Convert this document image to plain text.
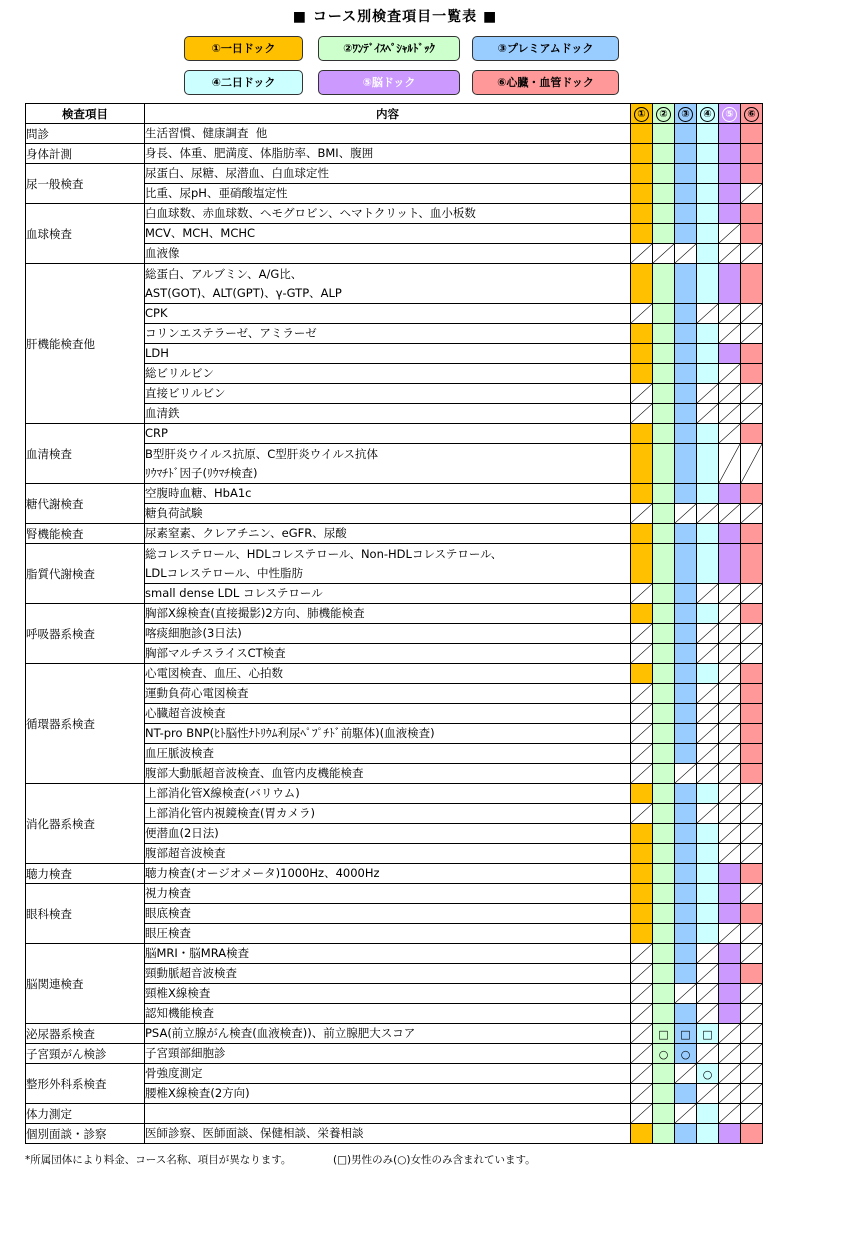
■ コース別検査項目一覧表 ■
①一日ドック	②ﾜﾝﾃﾞｲｽﾍﾟｼｬﾙﾄﾞｯｸ	③プレミアムドック
④二日ドック	⑤脳ドック	⑥心臓・血管ドック
検査項目	内容	①	②	③	④	⑤	⑥
問診	生活習慣、健康調査  他						
身体計測	身長、体重、肥満度、体脂肪率、BMI、腹囲						
尿一般検査	尿蛋白、尿糖、尿潜血、白血球定性						
	比重、尿pH、亜硝酸塩定性						

血球検査	白血球数、赤血球数、ヘモグロビン、ヘマトクリット、血小板数						
	MCV、MCH、MCHC					

	血液像	

肝機能検査他	総蛋白、アルブミン、A/G比、
AST(GOT)、ALT(GPT)、γ-GTP、ALP						
	CPK	

	コリンエステラーゼ、アミラーゼ					

	LDH						
	総ビリルビン					

	直接ビリルビン	

	血清鉄	

血清検査	CRP					

	B型肝炎ウイルス抗原、C型肝炎ウイルス抗体
ﾘｳﾏﾁﾄﾞ因子(ﾘｳﾏﾁ検査)					

糖代謝検査	空腹時血糖、HbA1c						
	糖負荷試験	

腎機能検査	尿素窒素、クレアチニン、eGFR、尿酸						
脂質代謝検査	総コレステロール、HDLコレステロール、Non-HDLコレステロール、
LDLコレステロール、中性脂肪						
	small dense LDL コレステロール	

呼吸器系検査	胸部X線検査(直接撮影)2方向、肺機能検査					

	喀痰細胞診(3日法)	

	胸部マルチスライスCT検査	

循環器系検査	心電図検査、血圧、心拍数					

	運動負荷心電図検査	

	心臓超音波検査	

	NT-pro BNP(ﾋﾄ脳性ﾅﾄﾘｳﾑ利尿ﾍﾟﾌﾟﾁﾄﾞ前駆体)(血液検査)	

	血圧脈波検査	

	腹部大動脈超音波検査、血管内皮機能検査	

消化器系検査	上部消化管X線検査(バリウム)					

	上部消化管内視鏡検査(胃カメラ)	

	便潜血(2日法)					

	腹部超音波検査					

聴力検査	聴力検査(オージオメータ)1000Hz、4000Hz						
眼科検査	視力検査						

	眼底検査						
	眼圧検査					

脳関連検査	脳MRI・脳MRA検査	

	頸動脈超音波検査	

	頸椎X線検査	

	認知機能検査	

泌尿器系検査	PSA(前立腺がん検査(血液検査))、前立腺肥大スコア		□	□	□	

子宮頸がん検診	子宮頸部細胞診		○	○	

整形外科系検査	骨強度測定				○	

	腰椎X線検査(2方向)	

体力測定		

個別面談・診察	医師診察、医師面談、保健相談、栄養相談						
*所属団体により料金、コース名称、項目が異なります。	(□)男性のみ(○)女性のみ含まれています。
